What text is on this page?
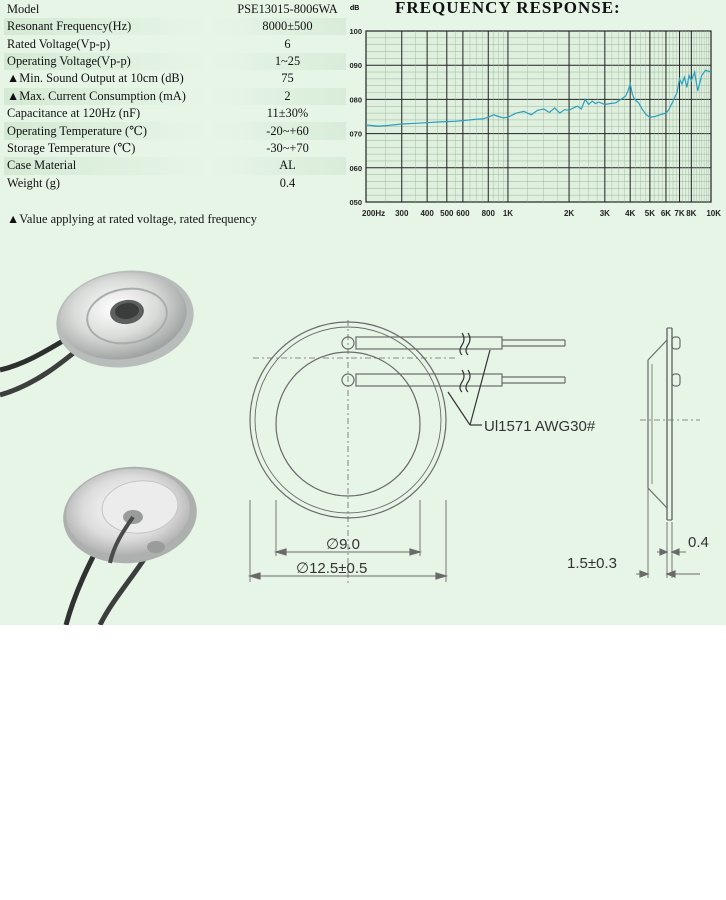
Model	PSE13015-8006WA
Resonant Frequency(Hz)	8000±500
Rated Voltage(Vp-p)	6
Operating Voltage(Vp-p)	1~25
▲Min. Sound Output at 10cm (dB)	75
▲Max. Current Consumption (mA)	2
Capacitance at 120Hz (nF)	11±30%
Operating Temperature (℃)	-20~+60
Storage Temperature (℃)	-30~+70
Case Material	AL
Weight (g)	0.4
▲Value applying at rated voltage, rated frequency
FREQUENCY RESPONSE:
050
060
070
080
090
100
200Hz 300 400 500 600 800 1K	2K	3K 4K 5K 6K 7K 8K 10K
dB
Ul1571 AWG30#
∅9.0
∅12.5±0.5	1.5±0.3
0.4
